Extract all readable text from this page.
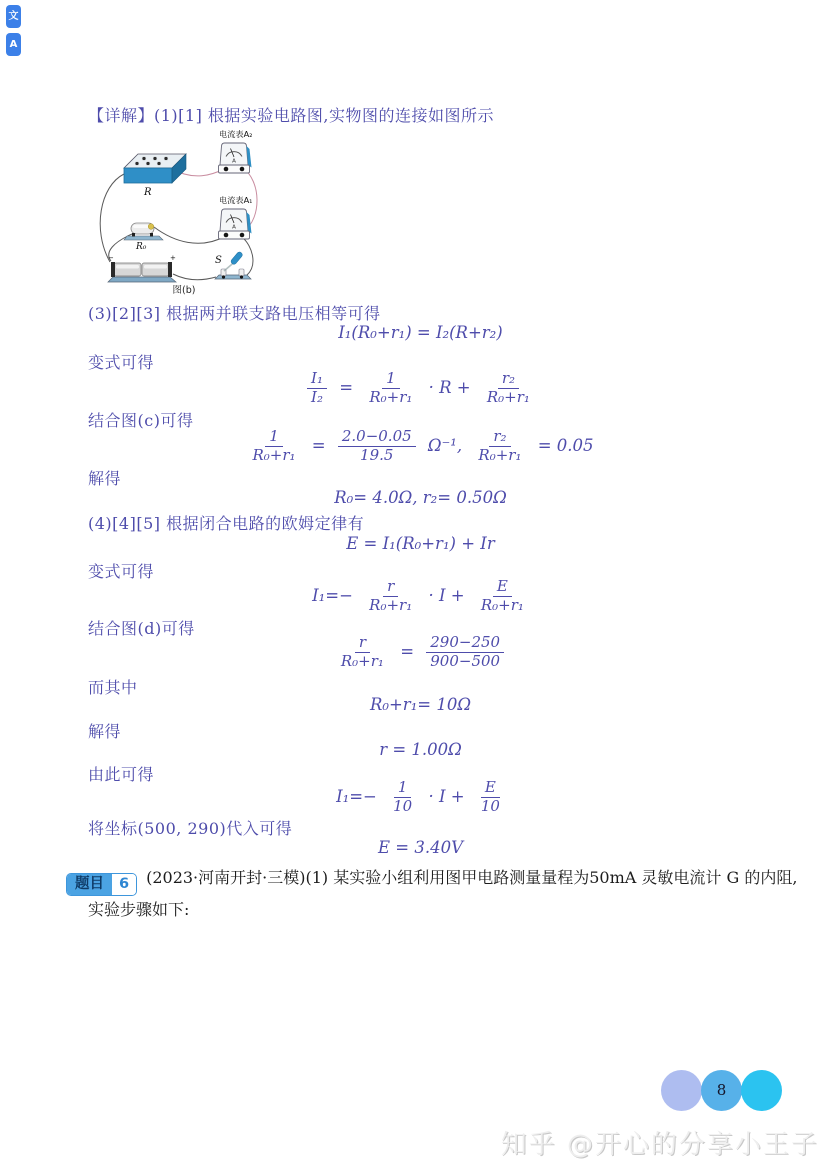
文
A
【详解】(1)[1] 根据实验电路图,实物图的连接如图所示
A
电流表A₂
R
电流表A₁
R₀
−	+	S
图(b)
(3)[2][3] 根据两并联支路电压相等可得
I₁(R₀+r₁) = I₂(R+r₂)
变式可得
$\frac{\text{I₁}}{\text{I₂}} = \frac{1}{\text{R₀+r₁}} \cdot R + \frac{\text{r₂}}{\text{R₀+r₁}}$
结合图(c)可得
$\frac{1}{\text{R₀+r₁}} = \frac{2.0-0.05}{19.5} \Omega^{-1}$, $\frac{\text{r₂}}{\text{R₀+r₁}} = 0.05$
解得
R₀= 4.0Ω, r₂= 0.50Ω
(4)[4][5] 根据闭合电路的欧姆定律有
E = I₁(R₀+r₁) + Ir
变式可得
$I_1=- \frac{r}{\text{R₀+r₁}} \cdot I + \frac{E}{\text{R₀+r₁}}$
结合图(d)可得
$\frac{r}{\text{R₀+r₁}} = \frac{290-250}{900-500}$
而其中
R₀+r₁= 10Ω
解得
r = 1.00Ω
由此可得
$I_1=- \frac{1}{10} \cdot I + \frac{E}{10}$
将坐标(500, 290)代入可得
E = 3.40V
题目	6	(2023·河南开封·三模)(1) 某实验小组利用图甲电路测量量程为50mA 灵敏电流计 G 的内阻,实验步骤如下:
8
知乎 @开心的分享小王子
